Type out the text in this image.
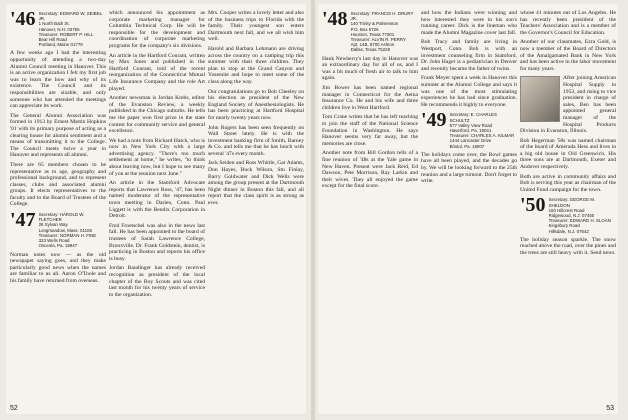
'46 Secretary: EDWARD W. SEIBEL JR.
1 North Bath St.
Hanover, N.H. 03755
Treasurer: ROBERT P. HILL
Bear Hill Road
Portland, Maine 01779

A few weeks ago I had the interesting opportunity of attending a two-day Alumni Council meeting in Hanover. This is an active organization I felt my first job was to learn the how and why of its existence. The Council and its responsibilities are sizable, and only someone who has attended the meetings can appreciate its work.

The General Alumni Association was formed in 1913 by Ernest Martin Hopkins '01 with its primary purpose of acting as a clearing house for alumni sentiment and a means of transmitting it to the College. The Council meets twice a year in Hanover and represents all alumni.

There are 65 members chosen to be representative as to age, geography and professional background, and to represent classes, clubs and associated alumni groups. It elects representatives to the faculty and to the Board of Trustees of the College.

'47 Secretary: HAROLD W. FLETCHER
26 Sylvan Way
Longmeadow, Mass. 01106
Treasurer: NORMAN H. FINE
333 Wells Road
Osceola, Pa. 19947

Norman notes now — as the old newspaper saying goes, and they make particularly good news when the names are familiar to us all. Aaron O'Toole and his family have returned from overseas.

which announced his appointment as corporate marketing manager for Columbia Technical Corp. He will be responsible for the development and coordination of corporate marketing programs for the company's six divisions.

An article in the Hartford Courant, written by Max Jones and published in the Hartford Courant, told of the recent reorganization of the Connecticut Mutual Life Insurance Company and the role Art played.

Another newsman is Jordan Krebs, editor of the Evanston Review, a weekly published in the Chicago suburbs. He tells me the paper won first prize in the state contest for community service and general excellence.

We had a note from Richard Hatch, who is now in New York City with a large advertising agency. "There's too much settlement at home," he writes, "to think about leaving now, but I hope to see many of you at the reunion next June."

An article in the Stamford Advocate reports that Lawrence Ross, '47, has been named moderator of the representative town meeting in Darien, Conn. Paul Liggett is with the Bendix Corporation in Detroit.

Fred Froetschel was also in the news last fall. He has been appointed to the board of trustees of Sarah Lawrence College, Bronxville. Dr. Frank Goldstein, dentist, is practicing in Boston and reports his office is busy.

Jordan Baudinger has already received recognition as president of the local chapter of the Boy Scouts and was cited last month for his twenty years of service to the organization.

Mrs. Cooper writes a lovely letter and also of the business trips to Florida with the family. Their youngest son enters Dartmouth next fall, and we all wish him well.

Harold and Barbara Lehmann are driving across the country on a camping trip this summer with their three children. They plan to stop at the Grand Canyon and Yosemite and hope to meet some of the class along the way.

Our congratulations go to Bob Cheeley on his election as president of the New England Society of Anesthesiologists. He has been practicing at Hartford Hospital for nearly twenty years now.

John Rogers has been seen frequently on Wall Street lately. He is with the investment banking firm of Smith, Barney & Co. and tells me that he has lunch with several '47s every month.

Jack Seiden and Ross Whittle, Gar Adams, Don Hayes, Buck Wilson, Stu Finlay, Barry Goldwater and Dick Wells were among the group present at the Dartmouth Night dinner in Boston this fall, and all report that the class spirit is as strong as ever.

52
'48 Secretary: FRANCIS H. DRURY JR.
140 Trinity & Palmerston
P.O. Box 5726
Houston, Texas 77001
Treasurer: ALVIN R. PERRY
Apt. 14B, 8700 Ashton
Dallas, Texas 75228

Hank Newberry's last day in Hanover was an extraordinary day for all of us, and I was a bit much of fresh air to talk to him again.

Jim Bower has been named regional manager in Connecticut for the Aetna Insurance Co. He and his wife and three children live in West Hartford.

Tom Crane writes that he has left teaching to join the staff of the National Science Foundation in Washington. He says Hanover seems very far away, but the memories are close.

Another note from Bill Gordon tells of a fine reunion of '48s at the Yale game in New Haven. Present were Jack Reid, Ed Dawson, Pete Morrison, Ray Larkin and their wives. They all enjoyed the game except for the final score.

and how the Indians were winning and how interested they were in his son's running career. Dick is the lineman who made the Alumni Magazine cover last fall.

Bob Tracy and family are living in Westport, Conn. Bob is with an investment counseling firm in Stamford. Dr. John Hager is a pediatrician in Denver and recently became the father of twins.

Frank Meyer spent a week in Hanover this summer at the Alumni College and says it was one of the most stimulating experiences he has had since graduation. He recommends it highly to everyone.

'49 Secretary: E. CHARLES SCHULTZ
577 Valley View Road
Haverford, Pa. 19041
Treasurer: CHARLES A. KILMAR
1444 Lancaster Drive
Bristol, Pa. 19007

The holidays come over, the Bowl games have all been played, and the decades go by. We will be looking forward to the 25th reunion and a large turnout. Don't forget to write.

whose 41 minutes out of Los Angeles. He has recently been president of the Teachers' Association and is a member of the Governor's Council for Education.

Another of our classmates, Ezra Gold, is now a member of the Board of Directors of the Amalgamated Bank in New York and has been active in the labor movement for many years.

After joining American Hospital Supply in 1953, and rising to vice president in charge of sales, Ben has been appointed general manager of the Hospital Products Division in Evanston, Illinois.

Bob Hegerman '50s was named chairman of the board of Amerada Hess and lives in a big old house in Old Greenwich. His three sons are at Dartmouth, Exeter and Andover respectively.

Both are active in community affairs and Bob is serving this year as chairman of the United Fund campaign for the town.

'50 Secretary: GEORGE M. SHELDON
150 Hillcrest Road
Ridgewood, N.J. 07450
Treasurer: EDWARD H. SLOAN
Kingsbury Road
Hillsdale, N.J. 07642

The holiday season sparkle. The snow reached above the road, over the pines and the trees are still heavy with it. Send news.

53
